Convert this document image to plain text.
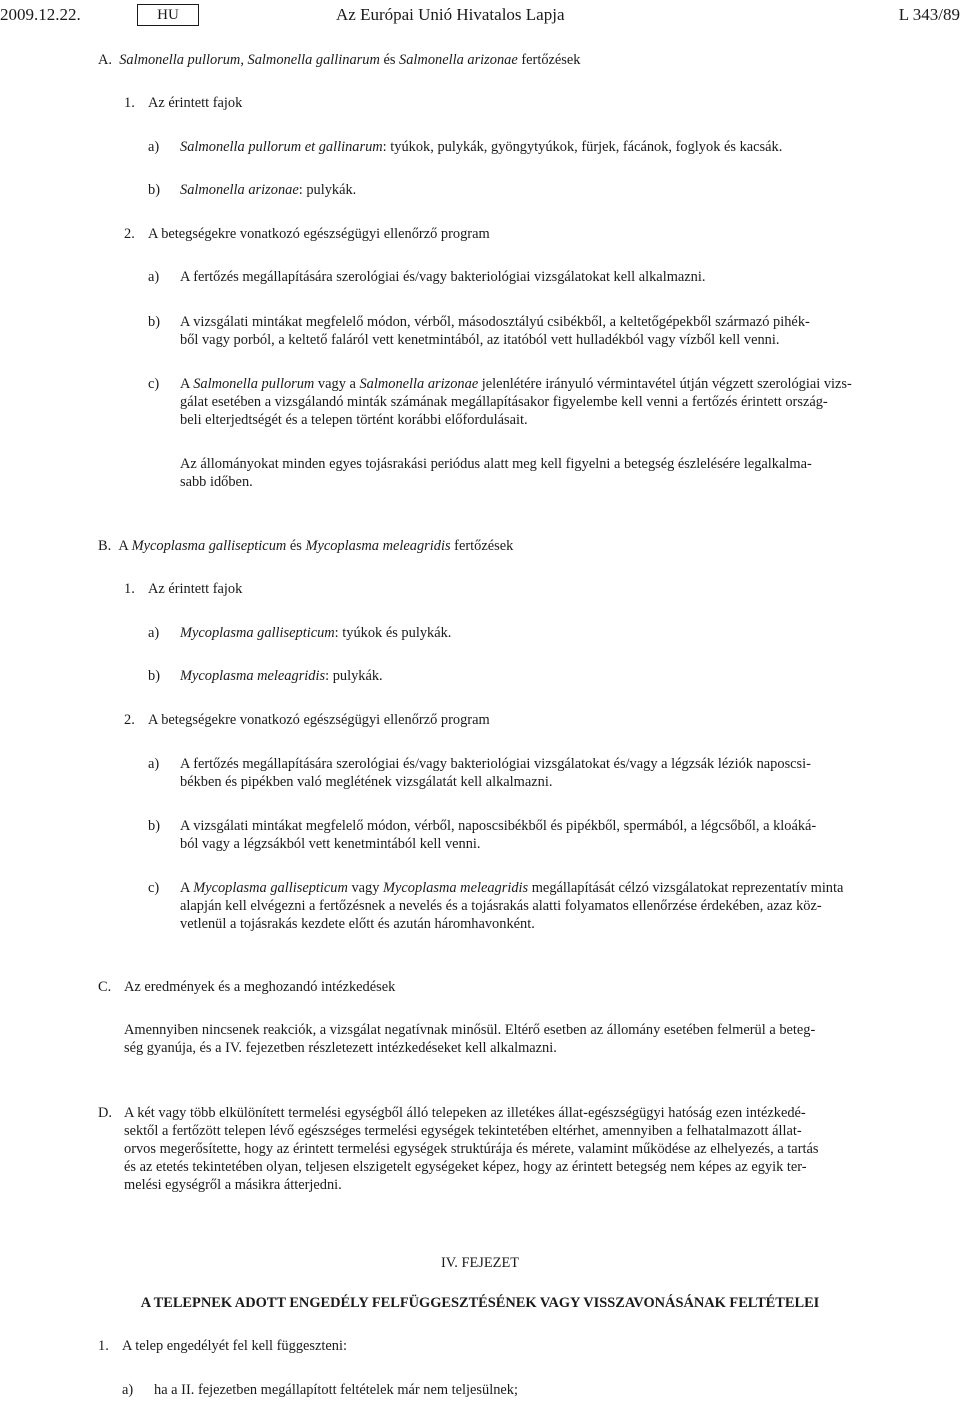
2009.12.22.	HU	Az Európai Unió Hivatalos Lapja	L 343/89
A. Salmonella pullorum, Salmonella gallinarum és Salmonella arizonae fertőzések
1. Az érintett fajok
a) Salmonella pullorum et gallinarum: tyúkok, pulykák, gyöngytyúkok, fürjek, fácánok, foglyok és kacsák.
b) Salmonella arizonae: pulykák.
2. A betegségekre vonatkozó egészségügyi ellenőrző program
a) A fertőzés megállapítására szerológiai és/vagy bakteriológiai vizsgálatokat kell alkalmazni.
b) A vizsgálati mintákat megfelelő módon, vérből, másodosztályú csibékből, a keltetőgépekből származó pihék-
ből vagy porból, a keltető faláról vett kenetmintából, az itatóból vett hulladékból vagy vízből kell venni.
c) A Salmonella pullorum vagy a Salmonella arizonae jelenlétére irányuló vérmintavétel útján végzett szerológiai vizs-
gálat esetében a vizsgálandó minták számának megállapításakor figyelembe kell venni a fertőzés érintett ország-
beli elterjedtségét és a telepen történt korábbi előfordulásait.
Az állományokat minden egyes tojásrakási periódus alatt meg kell figyelni a betegség észlelésére legalkalma-
sabb időben.
B. A Mycoplasma gallisepticum és Mycoplasma meleagridis fertőzések
1. Az érintett fajok
a) Mycoplasma gallisepticum: tyúkok és pulykák.
b) Mycoplasma meleagridis: pulykák.
2. A betegségekre vonatkozó egészségügyi ellenőrző program
a) A fertőzés megállapítására szerológiai és/vagy bakteriológiai vizsgálatokat és/vagy a légzsák léziók naposcsi-
békben és pipékben való meglétének vizsgálatát kell alkalmazni.
b) A vizsgálati mintákat megfelelő módon, vérből, naposcsibékből és pipékből, spermából, a légcsőből, a kloáká-
ból vagy a légzsákból vett kenetmintából kell venni.
c) A Mycoplasma gallisepticum vagy Mycoplasma meleagridis megállapítását célzó vizsgálatokat reprezentatív minta
alapján kell elvégezni a fertőzésnek a nevelés és a tojásrakás alatti folyamatos ellenőrzése érdekében, azaz köz-
vetlenül a tojásrakás kezdete előtt és azután háromhavonként.
C. Az eredmények és a meghozandó intézkedések
Amennyiben nincsenek reakciók, a vizsgálat negatívnak minősül. Eltérő esetben az állomány esetében felmerül a beteg-
ség gyanúja, és a IV. fejezetben részletezett intézkedéseket kell alkalmazni.
D. A két vagy több elkülönített termelési egységből álló telepeken az illetékes állat-egészségügyi hatóság ezen intézkedé-
sektől a fertőzött telepen lévő egészséges termelési egységek tekintetében eltérhet, amennyiben a felhatalmazott állat-
orvos megerősítette, hogy az érintett termelési egységek struktúrája és mérete, valamint működése az elhelyezés, a tartás
és az etetés tekintetében olyan, teljesen elszigetelt egységeket képez, hogy az érintett betegség nem képes az egyik ter-
melési egységről a másikra átterjedni.
IV. FEJEZET
A TELEPNEK ADOTT ENGEDÉLY FELFÜGGESZTÉSÉNEK VAGY VISSZAVONÁSÁNAK FELTÉTELEI
1. A telep engedélyét fel kell függeszteni:
a) ha a II. fejezetben megállapított feltételek már nem teljesülnek;
